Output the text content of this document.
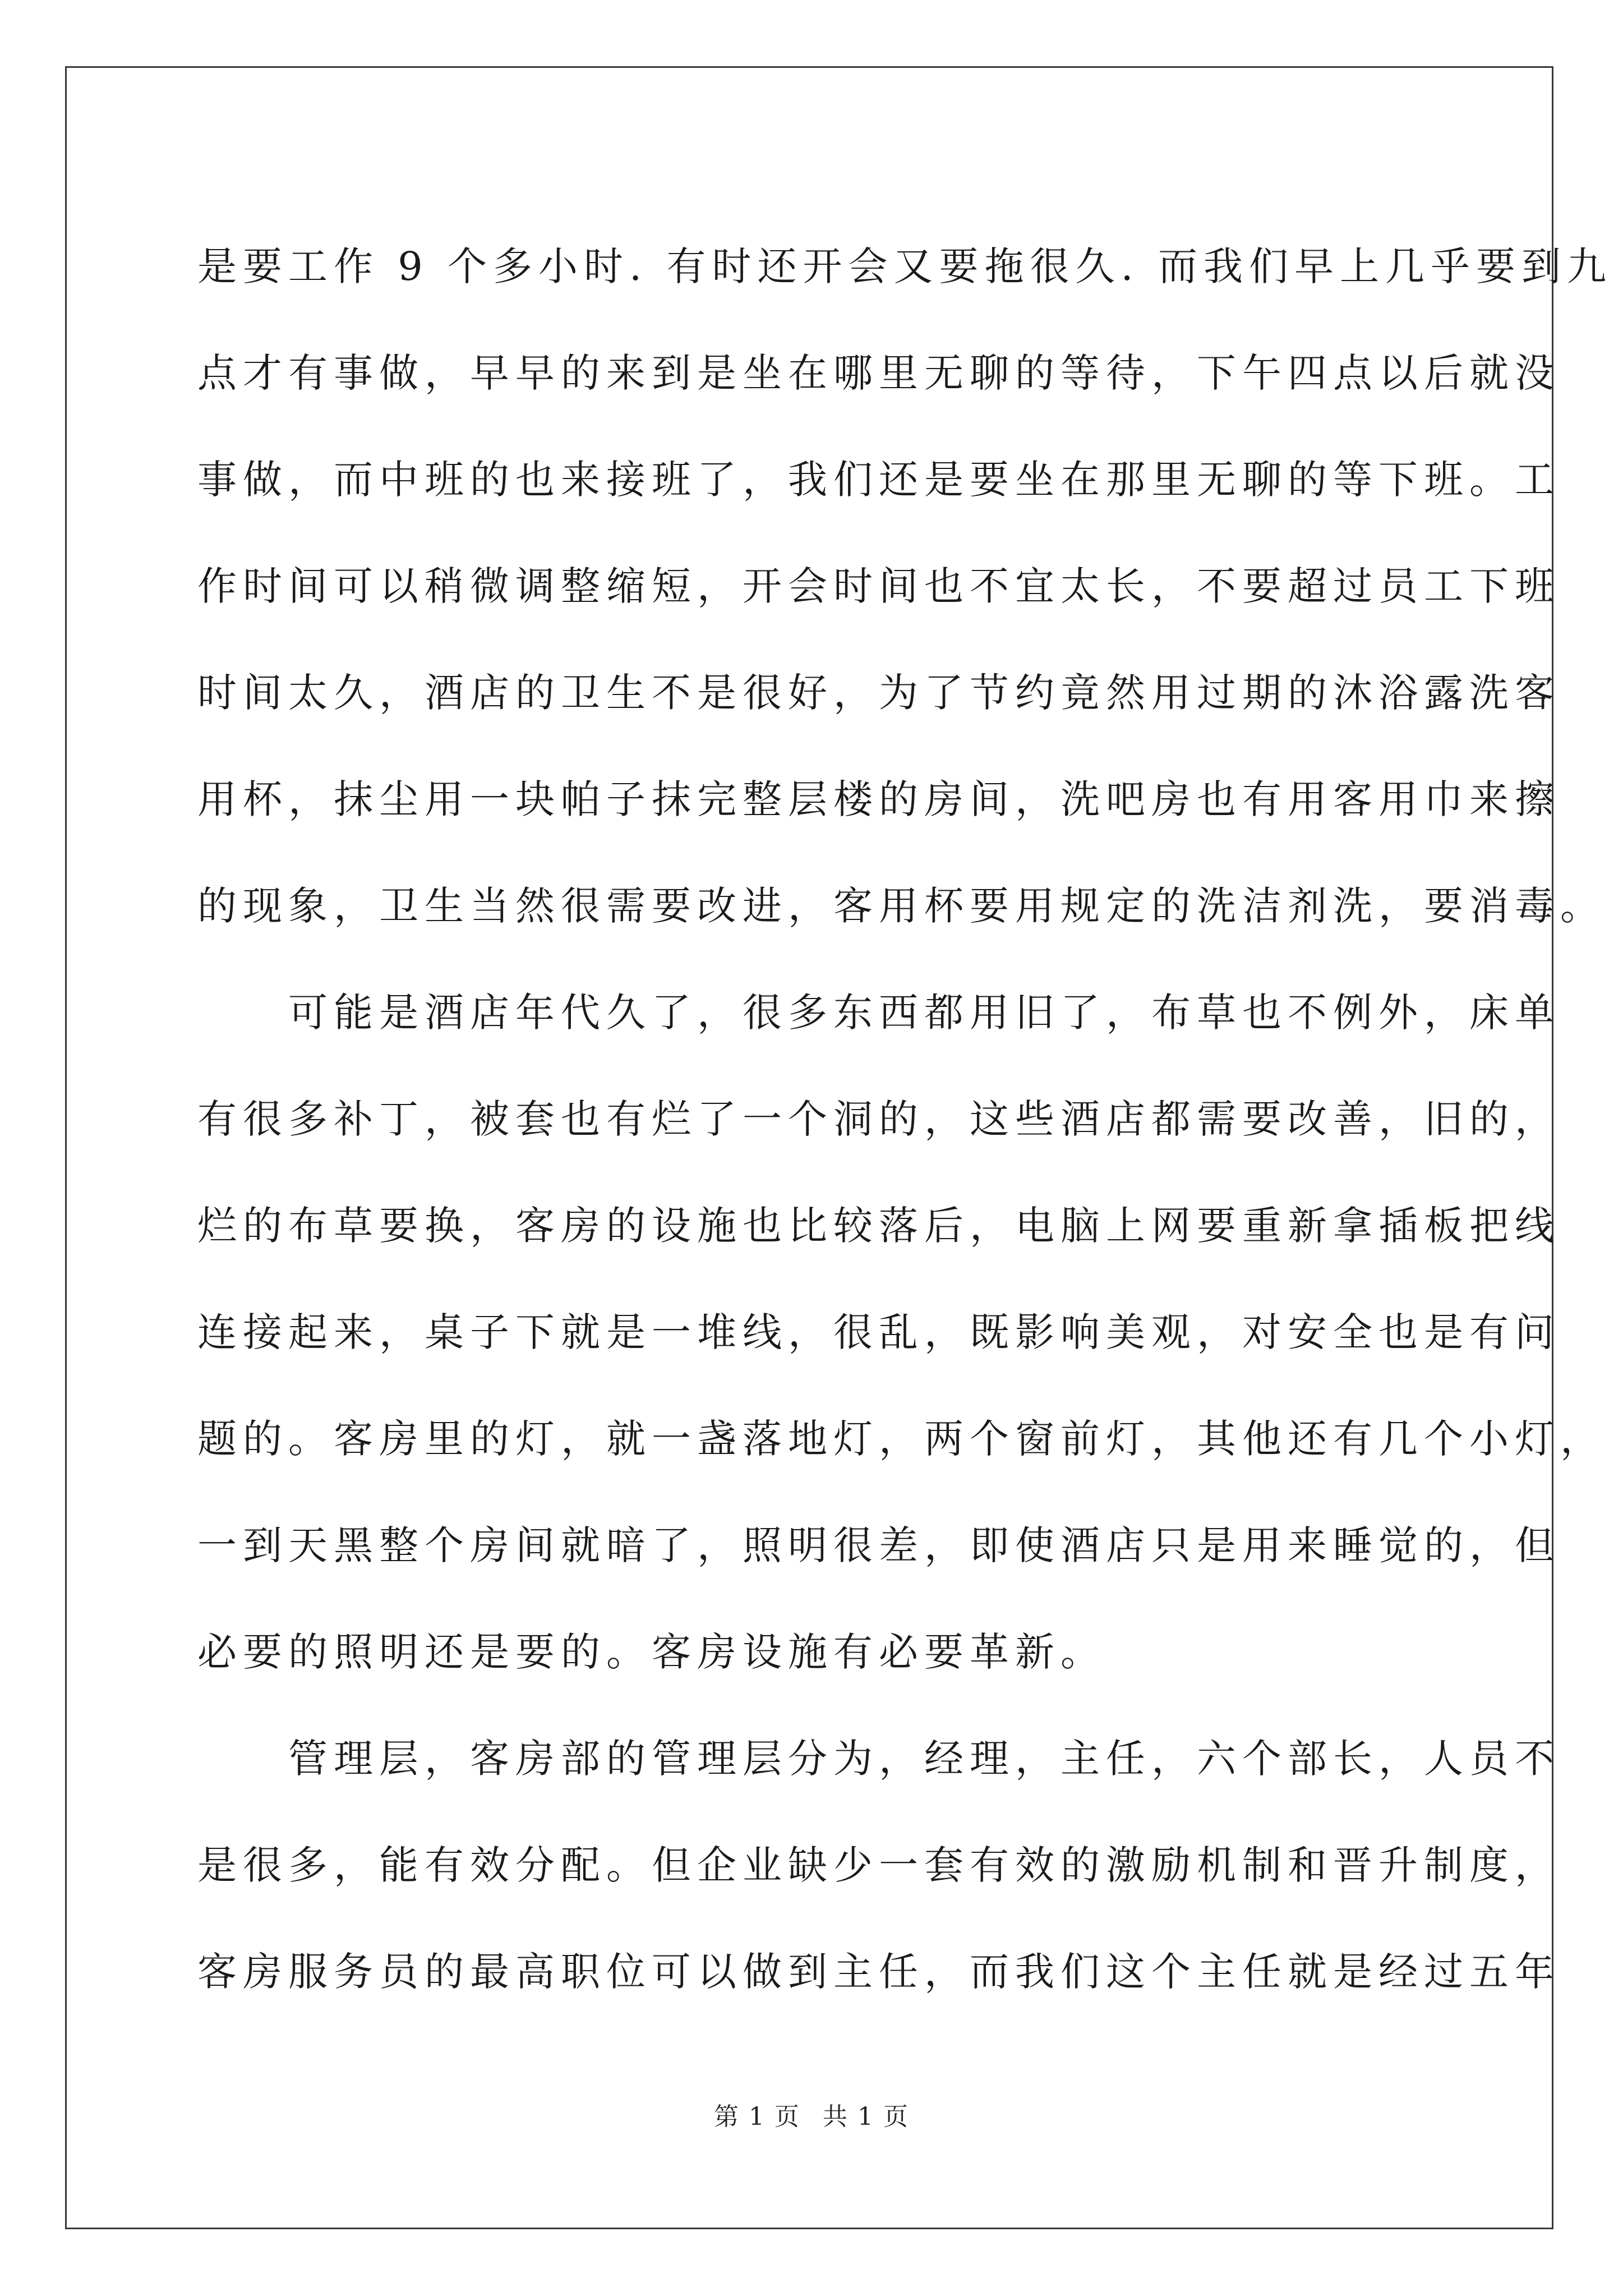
是要工作 9 个多小时. 有时还开会又要拖很久. 而我们早上几乎要到九
点才有事做，早早的来到是坐在哪里无聊的等待，下午四点以后就没
事做，而中班的也来接班了，我们还是要坐在那里无聊的等下班。工
作时间可以稍微调整缩短，开会时间也不宜太长，不要超过员工下班
时间太久，酒店的卫生不是很好，为了节约竟然用过期的沐浴露洗客
用杯，抹尘用一块帕子抹完整层楼的房间，洗吧房也有用客用巾来擦
的现象，卫生当然很需要改进，客用杯要用规定的洗洁剂洗，要消毒。
　　可能是酒店年代久了，很多东西都用旧了，布草也不例外，床单
有很多补丁，被套也有烂了一个洞的，这些酒店都需要改善，旧的，
烂的布草要换，客房的设施也比较落后，电脑上网要重新拿插板把线
连接起来，桌子下就是一堆线，很乱，既影响美观，对安全也是有问
题的。客房里的灯，就一盏落地灯，两个窗前灯，其他还有几个小灯，
一到天黑整个房间就暗了，照明很差，即使酒店只是用来睡觉的，但
必要的照明还是要的。客房设施有必要革新。
　　管理层，客房部的管理层分为，经理，主任，六个部长，人员不
是很多，能有效分配。但企业缺少一套有效的激励机制和晋升制度，
客房服务员的最高职位可以做到主任，而我们这个主任就是经过五年
第 1 页 共 1 页
